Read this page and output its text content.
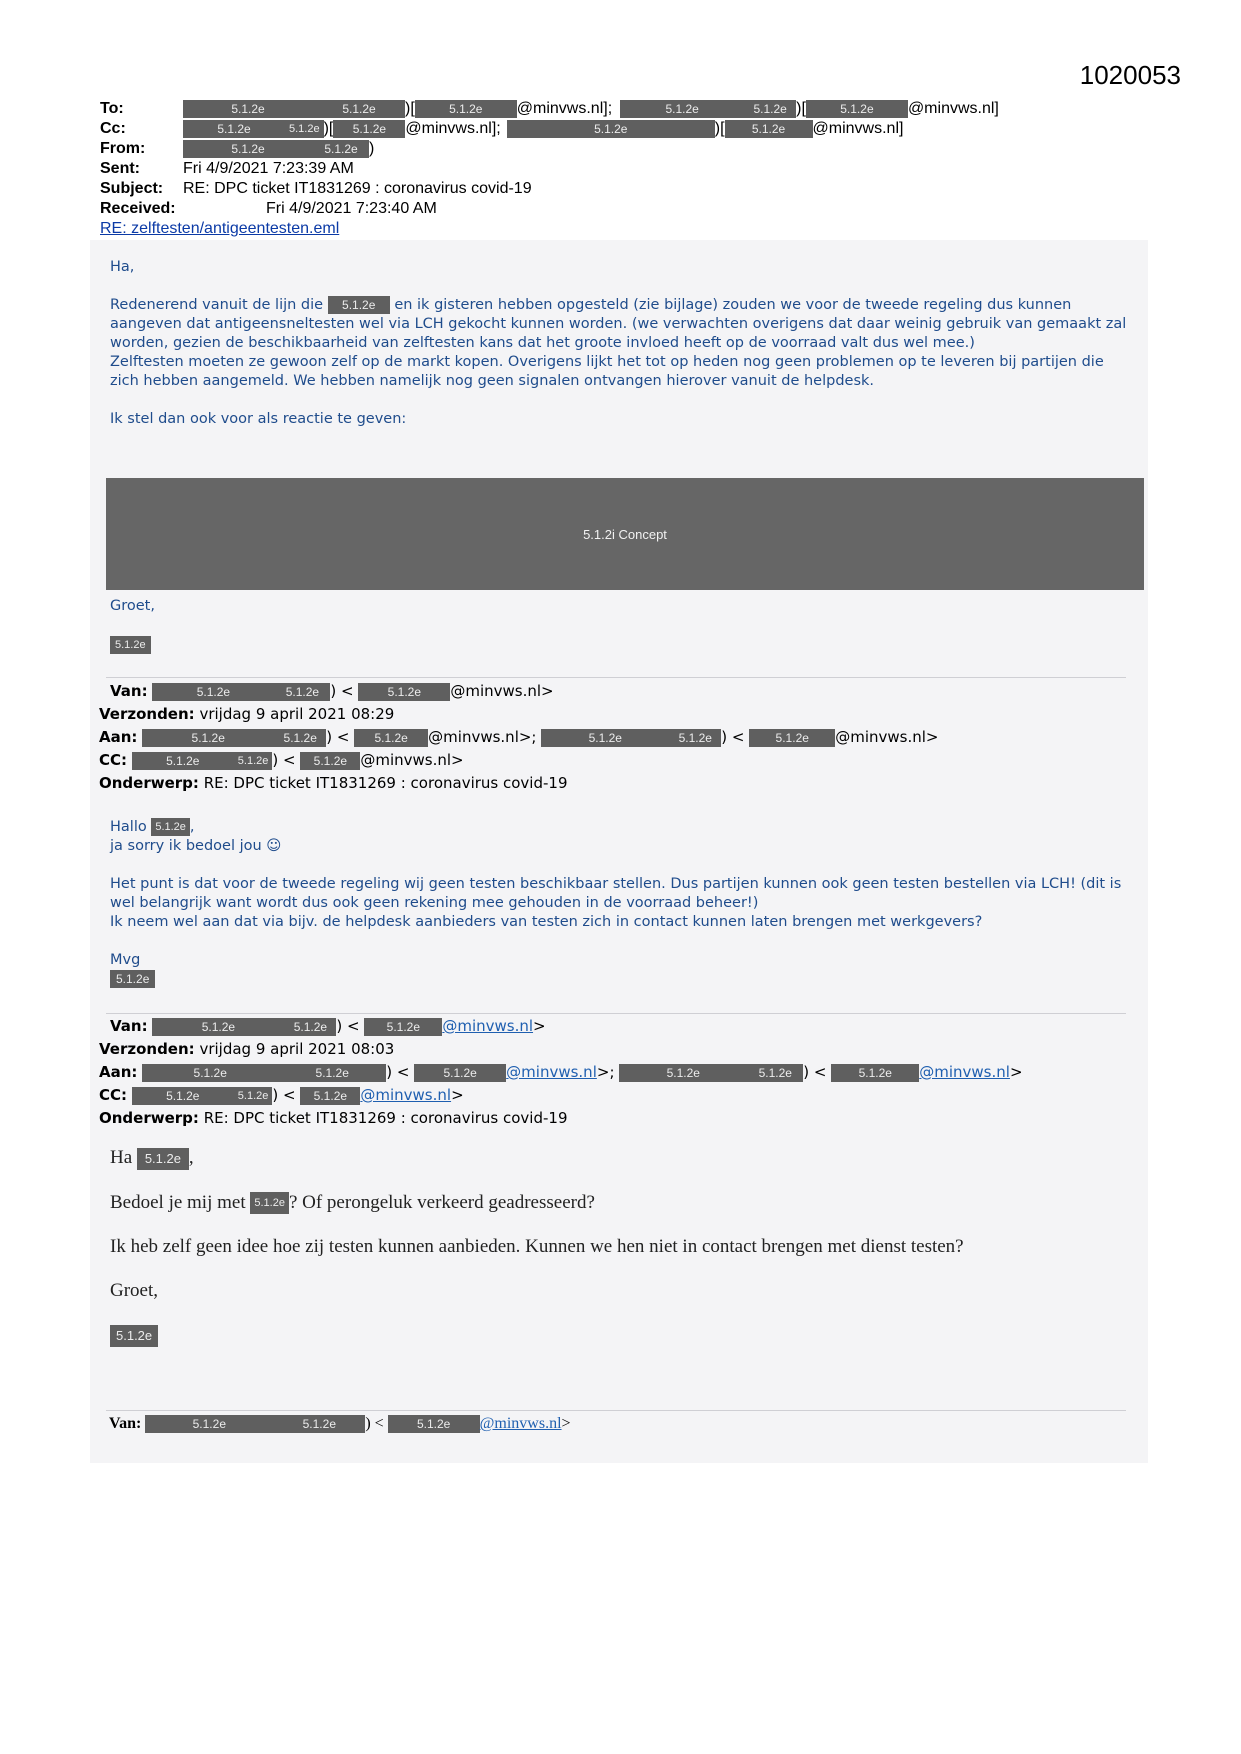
1020053
To:	5.1.2e	5.1.2e	)[	5.1.2e	@minvws.nl];	5.1.2e	5.1.2e )[	5.1.2e	@minvws.nl]
Cc:	5.1.2e	5.1.2e )[	5.1.2e	@minvws.nl];	5.1.2e	)[	5.1.2e	@minvws.nl]
From:	5.1.2e	5.1.2e )
Sent:	Fri 4/9/2021 7:23:39 AM
Subject:	RE: DPC ticket IT1831269 : coronavirus covid-19
Received:	Fri 4/9/2021 7:23:40 AM
RE: zelftesten/antigeentesten.eml

Ha,

Redenerend vanuit de lijn die 5.1.2e en ik gisteren hebben opgesteld (zie bijlage) zouden we voor de tweede regeling dus kunnen aangeven dat antigeensneltesten wel via LCH gekocht kunnen worden. (we verwachten overigens dat daar weinig gebruik van gemaakt zal worden, gezien de beschikbaarheid van zelftesten kans dat het groote invloed heeft op de voorraad valt dus wel mee.)

Zelftesten moeten ze gewoon zelf op de markt kopen. Overigens lijkt het tot op heden nog geen problemen op te leveren bij partijen die zich hebben aangemeld. We hebben namelijk nog geen signalen ontvangen hierover vanuit de helpdesk.

Ik stel dan ook voor als reactie te geven:

5.1.2i Concept
Groet,
5.1.2e
Van:
	5.1.2e	5.1.2e ) <	5.1.2e	@minvws.nl>
Verzonden:
vrijdag 9 april 2021 08:29
Aan:
	5.1.2e	5.1.2e ) <	5.1.2e	@minvws.nl>;
	5.1.2e	5.1.2e ) <	5.1.2e	@minvws.nl>
CC:
	5.1.2e	5.1.2e ) <	5.1.2e @minvws.nl>
Onderwerp:
RE: DPC ticket IT1831269 : coronavirus covid-19

Hallo 5.1.2e ,

ja sorry ik bedoel jou ☺

Het punt is dat voor de tweede regeling wij geen testen beschikbaar stellen. Dus partijen kunnen ook geen testen bestellen via LCH! (dit is wel belangrijk want wordt dus ook geen rekening mee gehouden in de voorraad beheer!)

Ik neem wel aan dat via bijv. de helpdesk aanbieders van testen zich in contact kunnen laten brengen met werkgevers?

Mvg

5.1.2e

Van:
	5.1.2e	5.1.2e ) <	5.1.2e	@minvws.nl >
Verzonden:
vrijdag 9 april 2021 08:03
Aan:
	5.1.2e	5.1.2e	) <	5.1.2e	@minvws.nl >;
	5.1.2e	5.1.2e ) <	5.1.2e	@minvws.nl >
CC:
	5.1.2e	5.1.2e ) <	5.1.2e @minvws.nl >
Onderwerp:
RE: DPC ticket IT1831269 : coronavirus covid-19

Ha 5.1.2e ,

Bedoel je mij met 5.1.2e ? Of perongeluk verkeerd geadresseerd?

Ik heb zelf geen idee hoe zij testen kunnen aanbieden. Kunnen we hen niet in contact brengen met dienst testen?

Groet,

5.1.2e

Van:
	5.1.2e	5.1.2e	) <	5.1.2e	@minvws.nl >
